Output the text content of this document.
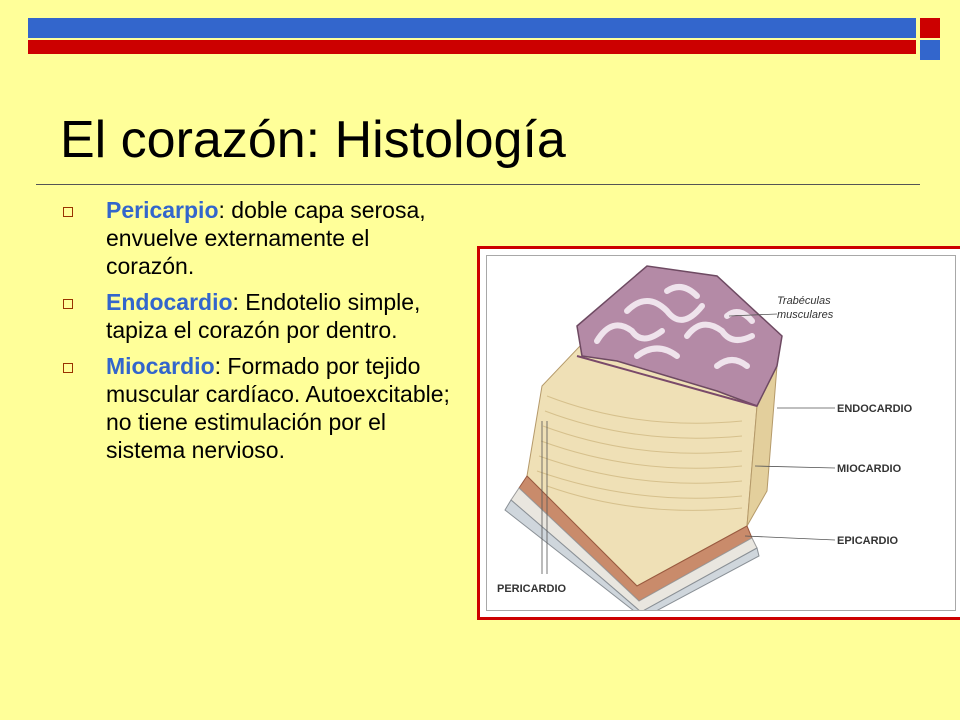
El corazón: Histología
Pericarpio: doble capa serosa, envuelve externamente el corazón.
Endocardio: Endotelio simple, tapiza el corazón por dentro.
Miocardio: Formado por tejido muscular cardíaco. Autoexcitable; no tiene estimulación por el sistema nervioso.
Trabéculas
musculares
ENDOCARDIO
MIOCARDIO
EPICARDIO
PERICARDIO
